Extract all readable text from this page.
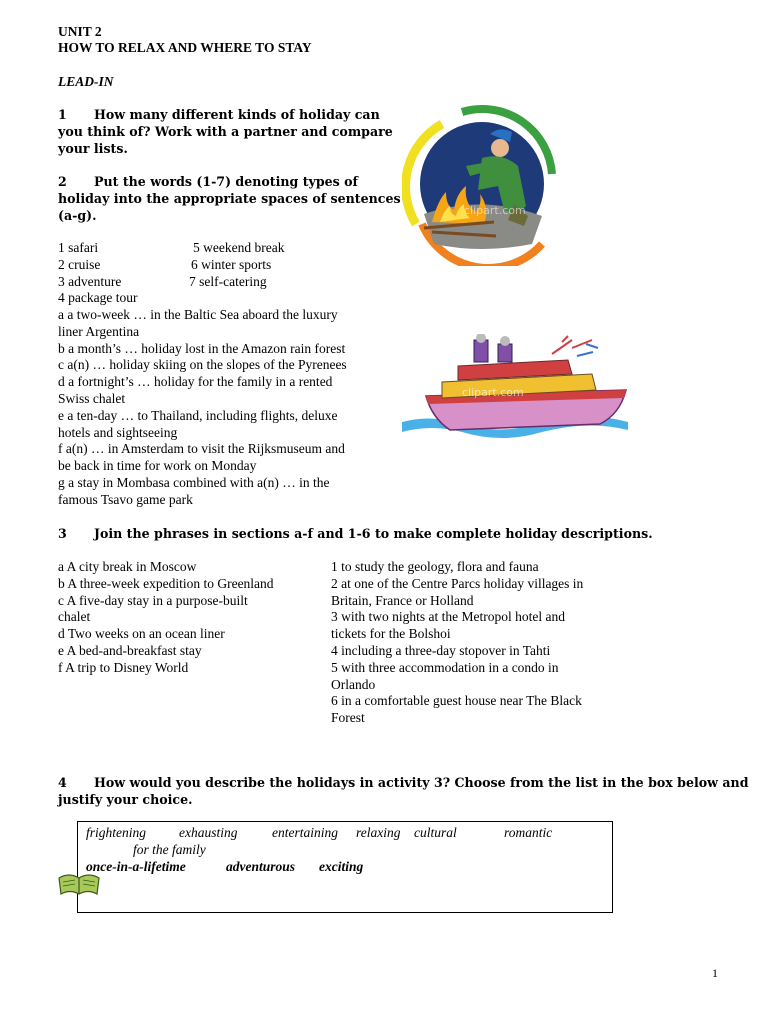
UNIT 2
HOW TO RELAX AND WHERE TO STAY
LEAD-IN
1 How many different kinds of holiday can
you think of? Work with a partner and compare
your lists.
2 Put the words (1-7) denoting types of
holiday into the appropriate spaces of sentences
(a-g).
1 safari
2 cruise
3 adventure
4 package tour
5 weekend break
6 winter sports
7 self-catering
a a two-week … in the Baltic Sea aboard the luxury
liner Argentina
b a month’s … holiday lost in the Amazon rain forest
c a(n) … holiday skiing on the slopes of the Pyrenees
d a fortnight’s … holiday for the family in a rented
Swiss chalet
e a ten-day … to Thailand, including flights, deluxe
hotels and sightseeing
f a(n) … in Amsterdam to visit the Rijksmuseum and
be back in time for work on Monday
g a stay in Mombasa combined with a(n) … in the
famous Tsavo game park
clipart.com
clipart.com
3 Join the phrases in sections a-f and 1-6 to make complete holiday descriptions.
a A city break in Moscow
b A three-week expedition to Greenland
c A five-day stay in a purpose-built
chalet
d Two weeks on an ocean liner
e A bed-and-breakfast stay
f A trip to Disney World
1 to study the geology, flora and fauna
2 at one of the Centre Parcs holiday villages in
Britain, France or Holland
3 with two nights at the Metropol hotel and
tickets for the Bolshoi
4 including a three-day stopover in Tahti
5 with three accommodation in a condo in
Orlando
6 in a comfortable guest house near The Black
Forest
4 How would you describe the holidays in activity 3? Choose from the list in the box below and
justify your choice.
frightening exhausting	entertaining relaxing cultural	romantic
for the family
once-in-a-lifetime	adventurous exciting
1
